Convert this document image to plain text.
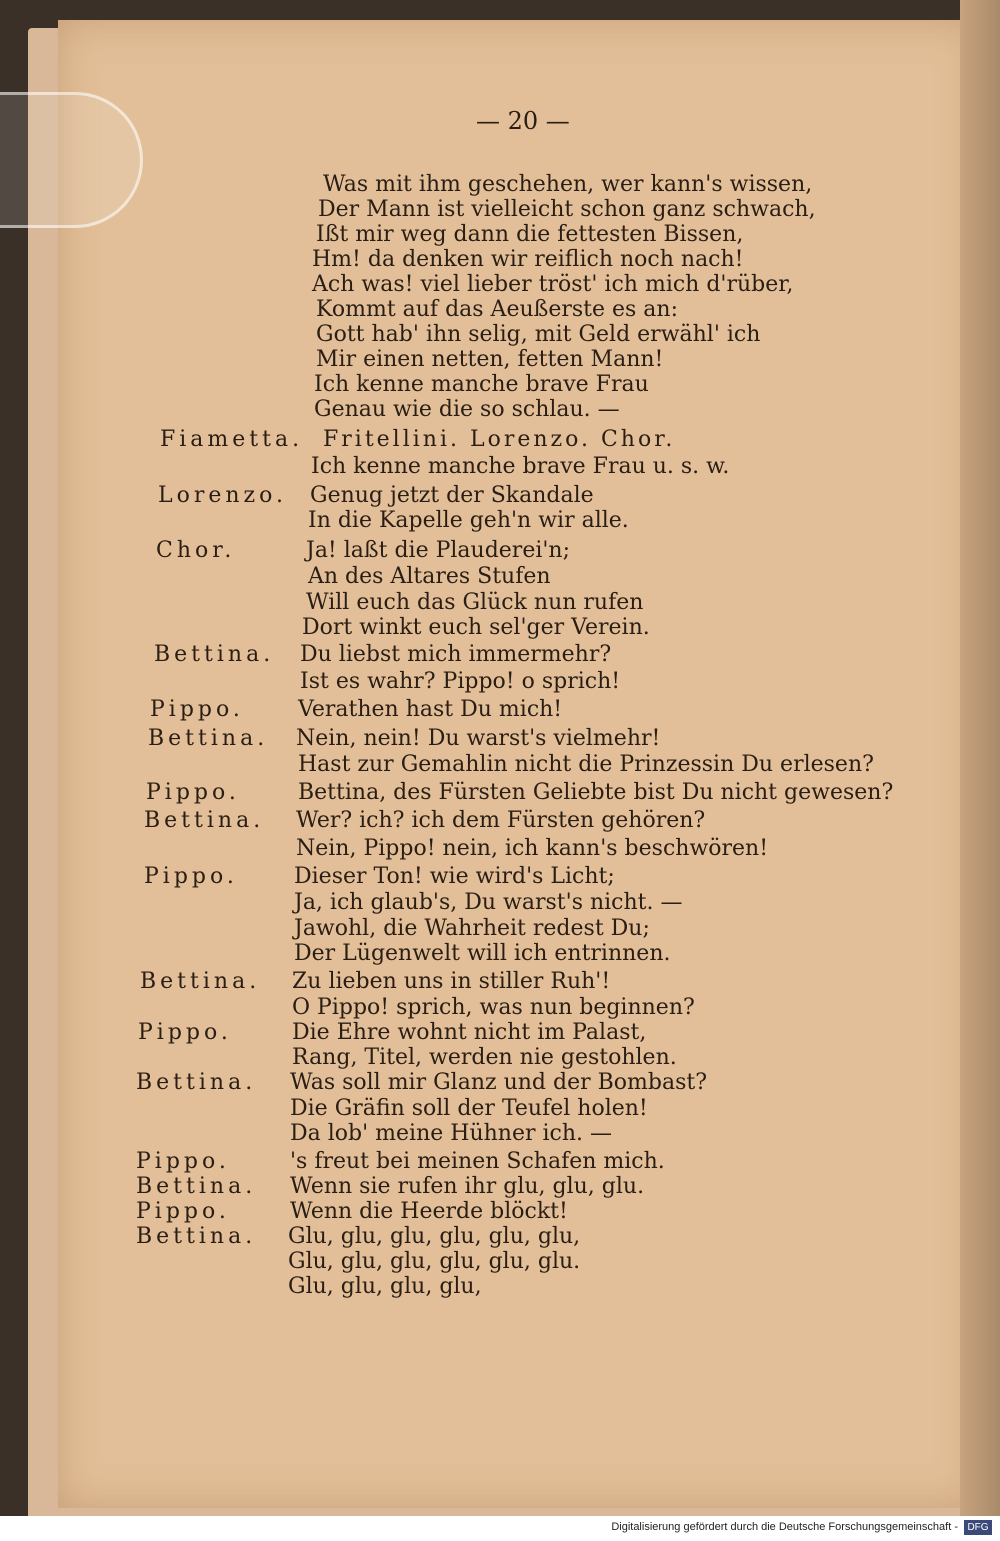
— 20 —
Was mit ihm geschehen, wer kann's wissen,
Der Mann ist vielleicht schon ganz schwach,
Ißt mir weg dann die fettesten Bissen,
Hm! da denken wir reiflich noch nach!
Ach was! viel lieber tröst' ich mich d'rüber,
Kommt auf das Aeußerste es an:
Gott hab' ihn selig, mit Geld erwähl' ich
Mir einen netten, fetten Mann!
Ich kenne manche brave Frau
Genau wie die so schlau. —
Fiametta. Fritellini. Lorenzo. Chor.
Ich kenne manche brave Frau u. s. w.
Lorenzo. Genug jetzt der Skandale
In die Kapelle geh'n wir alle.
Chor.	Ja! laßt die Plauderei'n;
An des Altares Stufen
Will euch das Glück nun rufen
Dort winkt euch sel'ger Verein.
Bettina. Du liebst mich immermehr?
Ist es wahr? Pippo! o sprich!
Pippo. Verathen hast Du mich!
Bettina. Nein, nein! Du warst's vielmehr!
Hast zur Gemahlin nicht die Prinzessin Du erlesen?
Pippo.	Bettina, des Fürsten Geliebte bist Du nicht gewesen?
Bettina. Wer? ich? ich dem Fürsten gehören?
Nein, Pippo! nein, ich kann's beschwören!
Pippo.	Dieser Ton! wie wird's Licht;
Ja, ich glaub's, Du warst's nicht. —
Jawohl, die Wahrheit redest Du;
Der Lügenwelt will ich entrinnen.
Bettina. Zu lieben uns in stiller Ruh'!
O Pippo! sprich, was nun beginnen?
Pippo.	Die Ehre wohnt nicht im Palast,
Rang, Titel, werden nie gestohlen.
Bettina. Was soll mir Glanz und der Bombast?
Die Gräfin soll der Teufel holen!
Da lob' meine Hühner ich. —
Pippo.	's freut bei meinen Schafen mich.
Bettina. Wenn sie rufen ihr glu, glu, glu.
Pippo.	Wenn die Heerde blöckt!
Bettina. Glu, glu, glu, glu, glu, glu,
Glu, glu, glu, glu, glu, glu.
Glu, glu, glu, glu,
Digitalisierung gefördert durch die Deutsche Forschungsgemeinschaft - DFG
